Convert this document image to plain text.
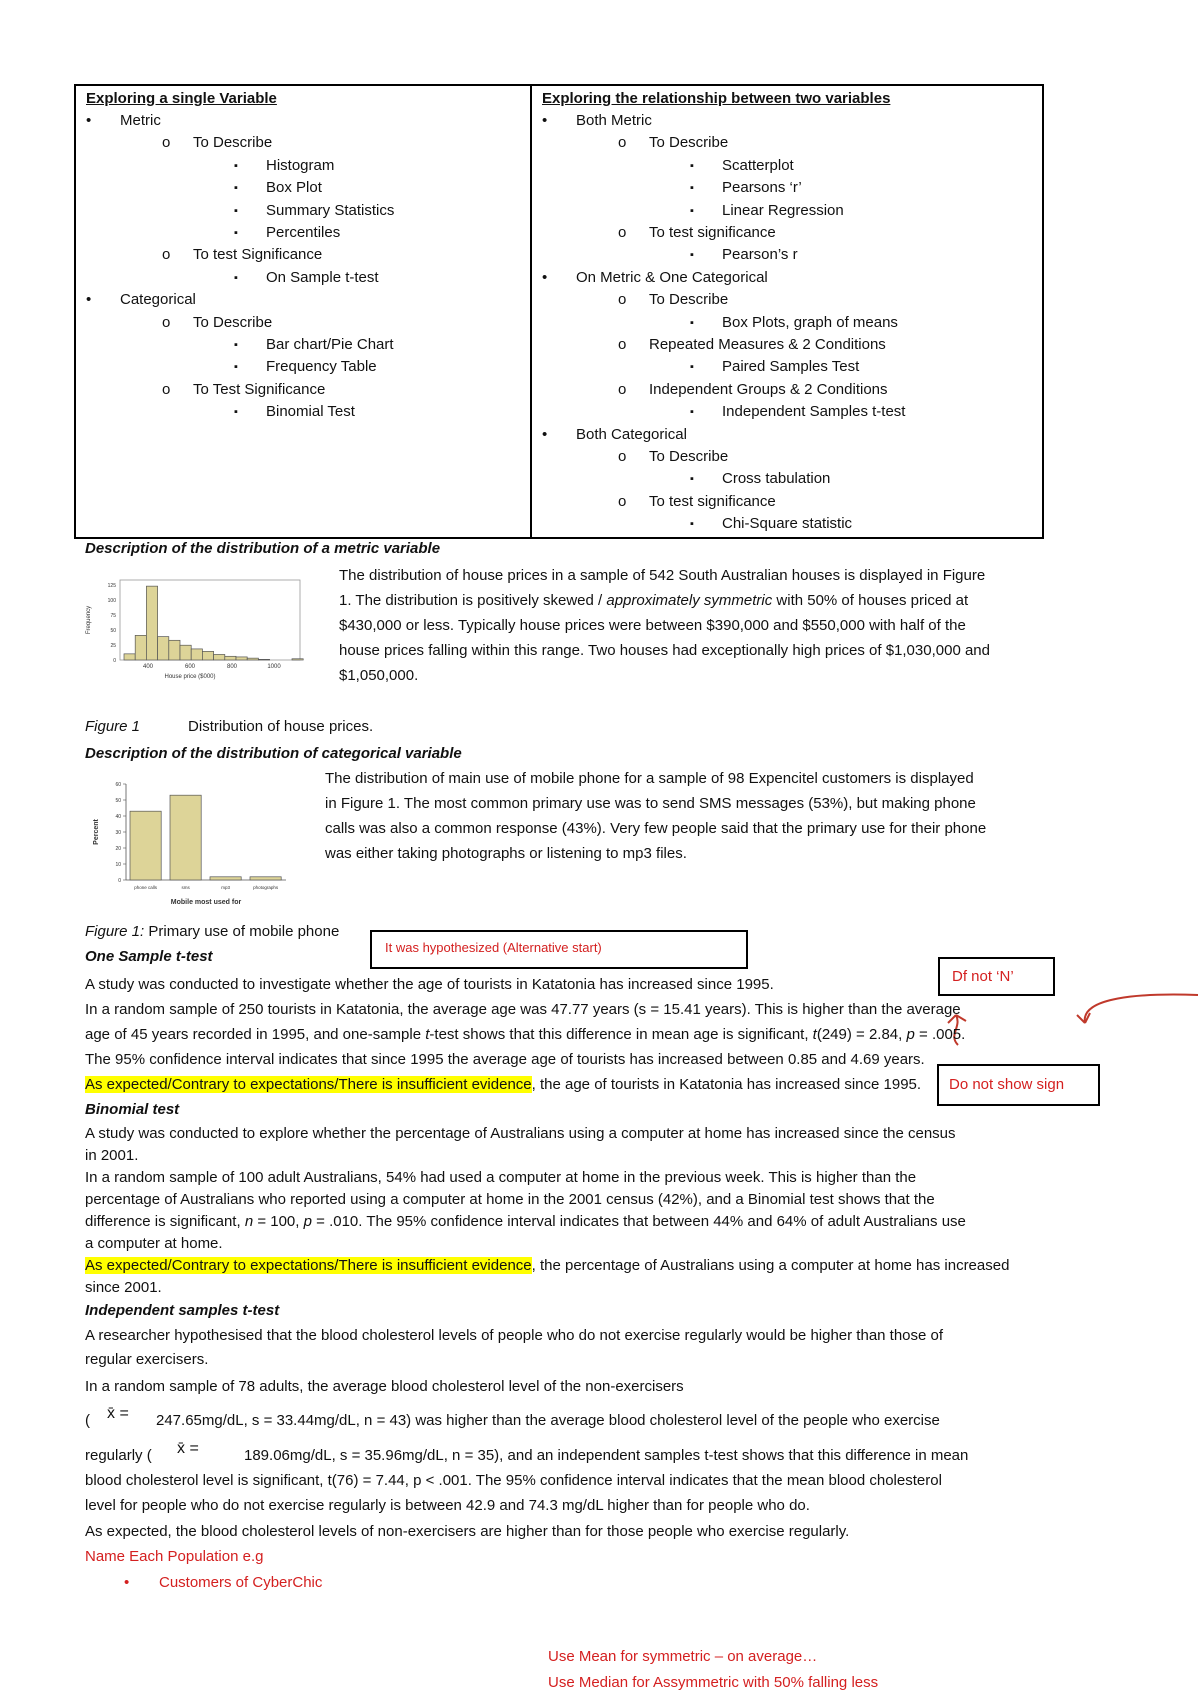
Exploring a single Variable
• Metric
o To Describe
▪ Histogram
▪ Box Plot
▪ Summary Statistics
▪ Percentiles
o To test Significance
▪ On Sample t-test
• Categorical
o To Describe
▪ Bar chart/Pie Chart
▪ Frequency Table
o To Test Significance
▪ Binomial Test
Exploring the relationship between two variables
• Both Metric
o To Describe
▪ Scatterplot
▪ Pearsons ‘r’
▪ Linear Regression
o To test significance
▪ Pearson’s r
• On Metric & One Categorical
o To Describe
▪ Box Plots, graph of means
o Repeated Measures & 2 Conditions
▪ Paired Samples Test
o Independent Groups & 2 Conditions
▪ Independent Samples t-test
• Both Categorical
o To Describe
▪ Cross tabulation
o To test significance
▪ Chi-Square statistic
Description of the distribution of a metric variable
125
100
75
50
25
0
400	600	800	1000
Frequency
House price ($000)
The distribution of house prices in a sample of 542 South Australian houses is displayed in Figure
1. The distribution is positively skewed / approximately symmetric with 50% of houses priced at
$430,000 or less. Typically house prices were between $390,000 and $550,000 with half of the
house prices falling within this range. Two houses had exceptionally high prices of $1,030,000 and
$1,050,000.
Figure 1	Distribution of house prices.
Description of the distribution of categorical variable
60
50
40
30
20
10
0
phone calls	sms	mp3	photographs
Percent
Mobile most used for
The distribution of main use of mobile phone for a sample of 98 Expencitel customers is displayed
in Figure 1. The most common primary use was to send SMS messages (53%), but making phone
calls was also a common response (43%). Very few people said that the primary use for their phone
was either taking photographs or listening to mp3 files.
Figure 1: Primary use of mobile phone
It was hypothesized (Alternative start)
Df not ‘N’
Do not show sign
One Sample t-test
A study was conducted to investigate whether the age of tourists in Katatonia has increased since 1995.
In a random sample of 250 tourists in Katatonia, the average age was 47.77 years (s = 15.41 years). This is higher than the average
age of 45 years recorded in 1995, and one-sample t-test shows that this difference in mean age is significant, t(249) = 2.84, p = .005.
The 95% confidence interval indicates that since 1995 the average age of tourists has increased between 0.85 and 4.69 years.
As expected/Contrary to expectations/There is insufficient evidence, the age of tourists in Katatonia has increased since 1995.
Binomial test
A study was conducted to explore whether the percentage of Australians using a computer at home has increased since the census
in 2001.
In a random sample of 100 adult Australians, 54% had used a computer at home in the previous week. This is higher than the
percentage of Australians who reported using a computer at home in the 2001 census (42%), and a Binomial test shows that the
difference is significant, n = 100, p = .010. The 95% confidence interval indicates that between 44% and 64% of adult Australians use
a computer at home.
As expected/Contrary to expectations/There is insufficient evidence, the percentage of Australians using a computer at home has increased
since 2001.
Independent samples t-test
A researcher hypothesised that the blood cholesterol levels of people who do not exercise regularly would be higher than those of
regular exercisers.
In a random sample of 78 adults, the average blood cholesterol level of the non-exercisers
( x̄ = 247.65mg/dL, s = 33.44mg/dL, n = 43) was higher than the average blood cholesterol level of the people who exercise
regularly ( x̄ =	189.06mg/dL, s = 35.96mg/dL, n = 35), and an independent samples t-test shows that this difference in mean
blood cholesterol level is significant, t(76) = 7.44, p < .001. The 95% confidence interval indicates that the mean blood cholesterol
level for people who do not exercise regularly is between 42.9 and 74.3 mg/dL higher than for people who do.
As expected, the blood cholesterol levels of non-exercisers are higher than for those people who exercise regularly.
Name Each Population e.g
• Customers of CyberChic
Use Mean for symmetric – on average…
Use Median for Assymmetric with 50% falling less
